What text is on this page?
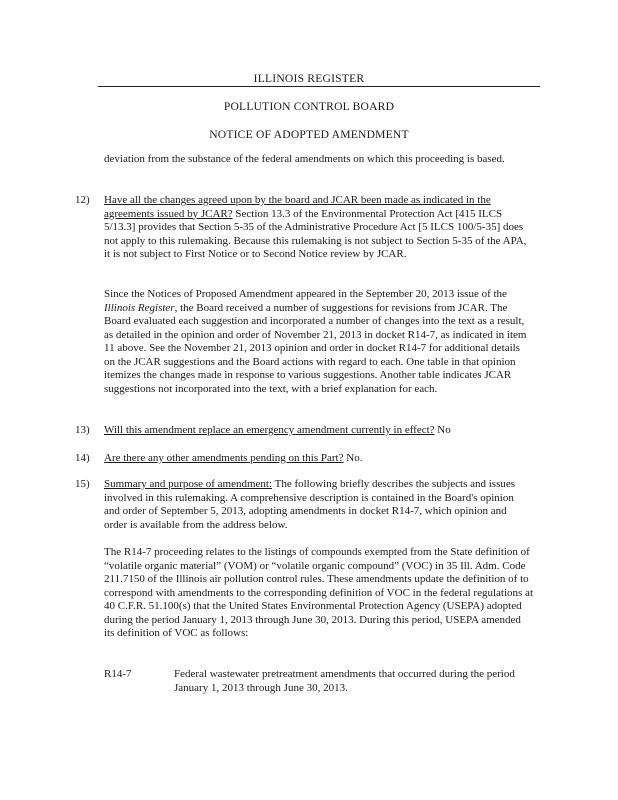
ILLINOIS REGISTER
POLLUTION CONTROL BOARD
NOTICE OF ADOPTED AMENDMENT
deviation from the substance of the federal amendments on which this proceeding is based.
12) Have all the changes agreed upon by the board and JCAR been made as indicated in the agreements issued by JCAR? Section 13.3 of the Environmental Protection Act [415 ILCS 5/13.3] provides that Section 5-35 of the Administrative Procedure Act [5 ILCS 100/5-35] does not apply to this rulemaking. Because this rulemaking is not subject to Section 5-35 of the APA, it is not subject to First Notice or to Second Notice review by JCAR.
Since the Notices of Proposed Amendment appeared in the September 20, 2013 issue of the Illinois Register, the Board received a number of suggestions for revisions from JCAR. The Board evaluated each suggestion and incorporated a number of changes into the text as a result, as detailed in the opinion and order of November 21, 2013 in docket R14-7, as indicated in item 11 above. See the November 21, 2013 opinion and order in docket R14-7 for additional details on the JCAR suggestions and the Board actions with regard to each. One table in that opinion itemizes the changes made in response to various suggestions. Another table indicates JCAR suggestions not incorporated into the text, with a brief explanation for each.
13) Will this amendment replace an emergency amendment currently in effect? No
14) Are there any other amendments pending on this Part? No.
15) Summary and purpose of amendment: The following briefly describes the subjects and issues involved in this rulemaking. A comprehensive description is contained in the Board's opinion and order of September 5, 2013, adopting amendments in docket R14-7, which opinion and order is available from the address below.
The R14-7 proceeding relates to the listings of compounds exempted from the State definition of “volatile organic material” (VOM) or “volatile organic compound” (VOC) in 35 Ill. Adm. Code 211.7150 of the Illinois air pollution control rules. These amendments update the definition of to correspond with amendments to the corresponding definition of VOC in the federal regulations at 40 C.F.R. 51.100(s) that the United States Environmental Protection Agency (USEPA) adopted during the period January 1, 2013 through June 30, 2013. During this period, USEPA amended its definition of VOC as follows:
R14-7	Federal wastewater pretreatment amendments that occurred during the period January 1, 2013 through June 30, 2013.
